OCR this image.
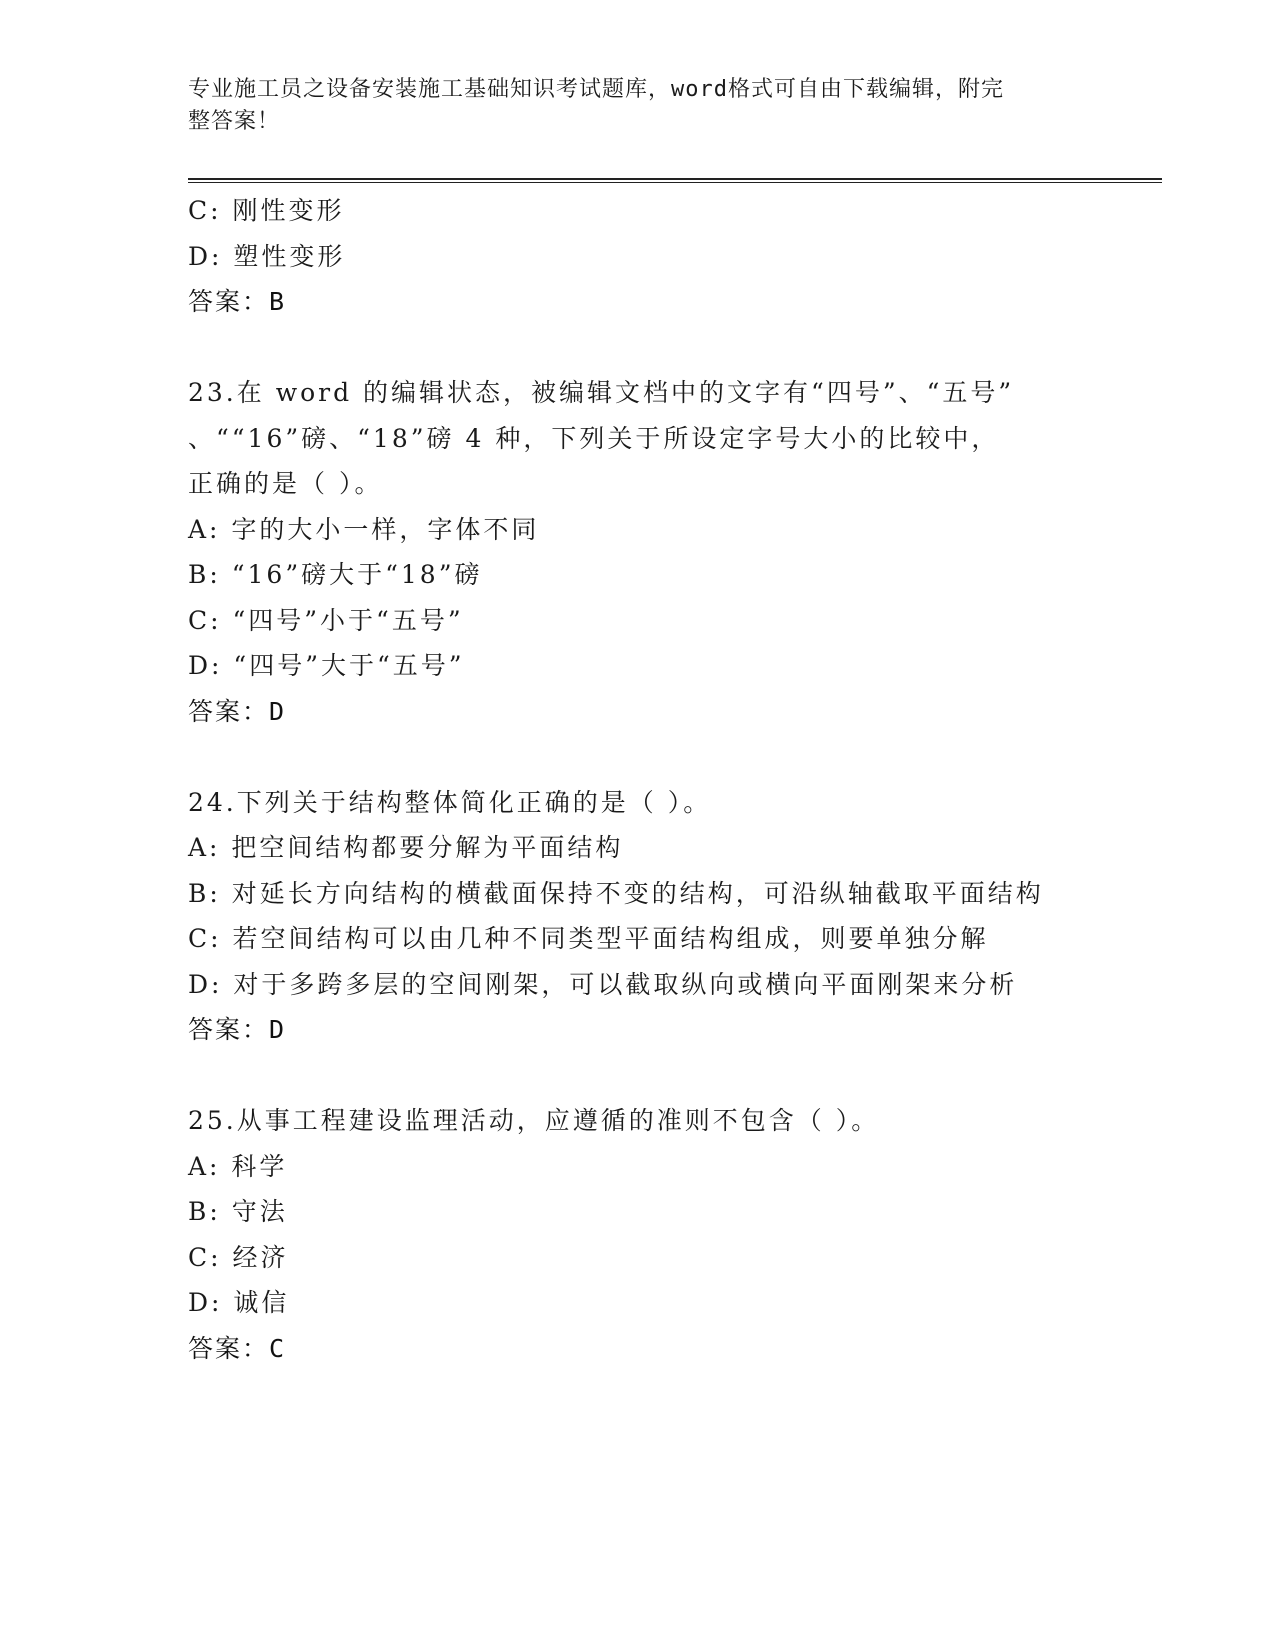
专业施工员之设备安装施工基础知识考试题库，word格式可自由下载编辑，附完
整答案！
C: 刚性变形
D: 塑性变形
答案：B
23.在 word 的编辑状态，被编辑文档中的文字有“四号”、“五号”
、““16”磅、“18”磅 4 种，下列关于所设定字号大小的比较中，
正确的是（ ）。
A: 字的大小一样，字体不同
B: “16”磅大于“18”磅
C: “四号”小于“五号”
D: “四号”大于“五号”
答案：D
24.下列关于结构整体简化正确的是（ ）。
A: 把空间结构都要分解为平面结构
B: 对延长方向结构的横截面保持不变的结构，可沿纵轴截取平面结构
C: 若空间结构可以由几种不同类型平面结构组成，则要单独分解
D: 对于多跨多层的空间刚架，可以截取纵向或横向平面刚架来分析
答案：D
25.从事工程建设监理活动，应遵循的准则不包含（ ）。
A: 科学
B: 守法
C: 经济
D: 诚信
答案：C
